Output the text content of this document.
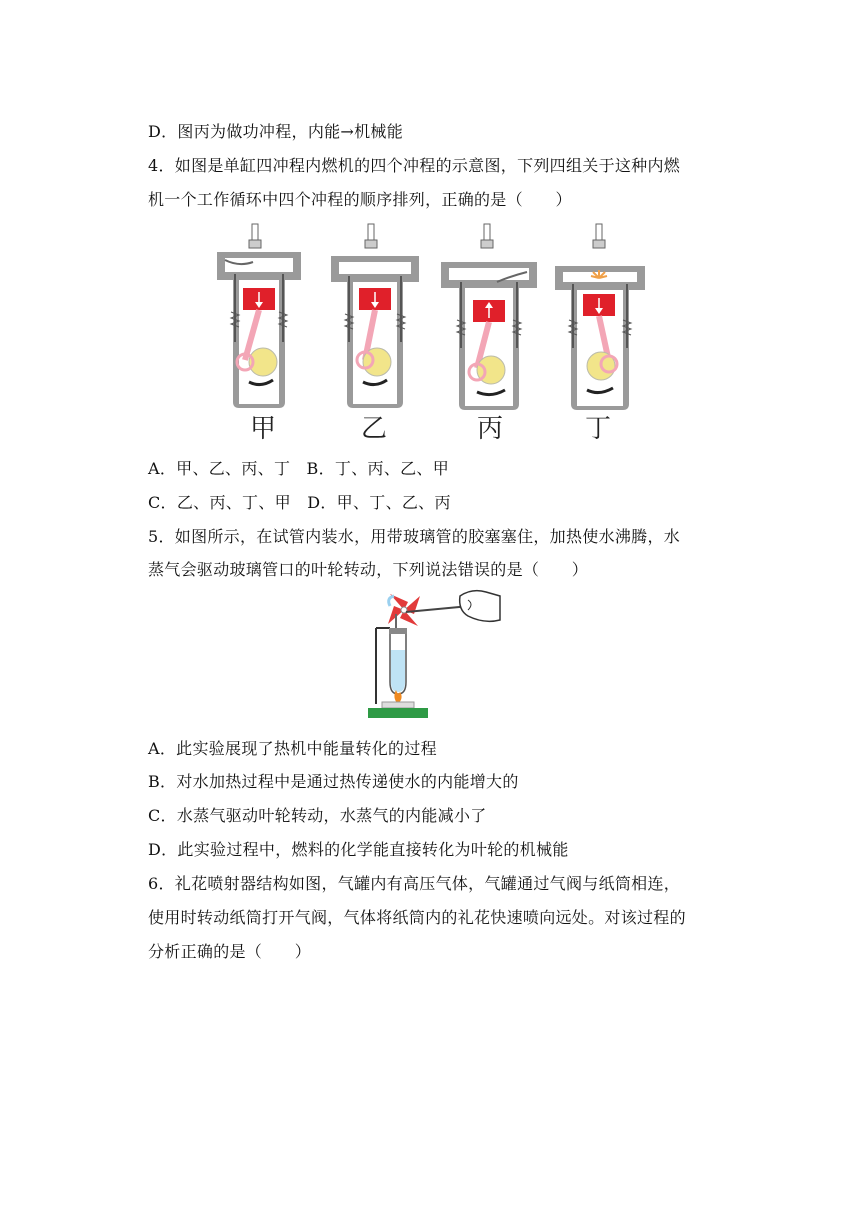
D．图丙为做功冲程，内能→机械能
4．如图是单缸四冲程内燃机的四个冲程的示意图，下列四组关于这种内燃
机一个工作循环中四个冲程的顺序排列，正确的是（　　）
甲	乙	丙	丁
A．甲、乙、丙、丁　B．丁、丙、乙、甲
C．乙、丙、丁、甲　D．甲、丁、乙、丙
5．如图所示，在试管内装水，用带玻璃管的胶塞塞住，加热使水沸腾，水
蒸气会驱动玻璃管口的叶轮转动，下列说法错误的是（　　）
A．此实验展现了热机中能量转化的过程
B．对水加热过程中是通过热传递使水的内能增大的
C．水蒸气驱动叶轮转动，水蒸气的内能减小了
D．此实验过程中，燃料的化学能直接转化为叶轮的机械能
6．礼花喷射器结构如图，气罐内有高压气体，气罐通过气阀与纸筒相连，
使用时转动纸筒打开气阀，气体将纸筒内的礼花快速喷向远处。对该过程的
分析正确的是（　　）
